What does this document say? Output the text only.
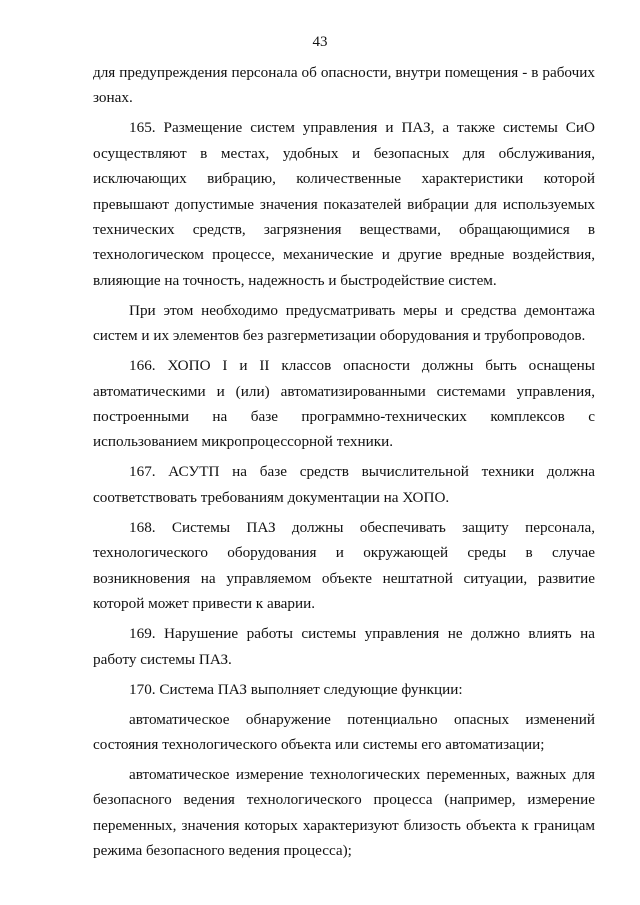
43

для предупреждения персонала об опасности, внутри помещения - в рабочих зонах.

165. Размещение систем управления и ПАЗ, а также системы СиО осуществляют в местах, удобных и безопасных для обслуживания, исключающих вибрацию, количественные характеристики которой превышают допустимые значения показателей вибрации для используемых технических средств, загрязнения веществами, обращающимися в технологическом процессе, механические и другие вредные воздействия, влияющие на точность, надежность и быстродействие систем.

При этом необходимо предусматривать меры и средства демонтажа систем и их элементов без разгерметизации оборудования и трубопроводов.

166. ХОПО I и II классов опасности должны быть оснащены автоматическими и (или) автоматизированными системами управления, построенными на базе программно-технических комплексов с использованием микропроцессорной техники.

167. АСУТП на базе средств вычислительной техники должна соответствовать требованиям документации на ХОПО.

168. Системы ПАЗ должны обеспечивать защиту персонала, технологического оборудования и окружающей среды в случае возникновения на управляемом объекте нештатной ситуации, развитие которой может привести к аварии.

169. Нарушение работы системы управления не должно влиять на работу системы ПАЗ.

170. Система ПАЗ выполняет следующие функции:

автоматическое обнаружение потенциально опасных изменений состояния технологического объекта или системы его автоматизации;

автоматическое измерение технологических переменных, важных для безопасного ведения технологического процесса (например, измерение переменных, значения которых характеризуют близость объекта к границам режима безопасного ведения процесса);
